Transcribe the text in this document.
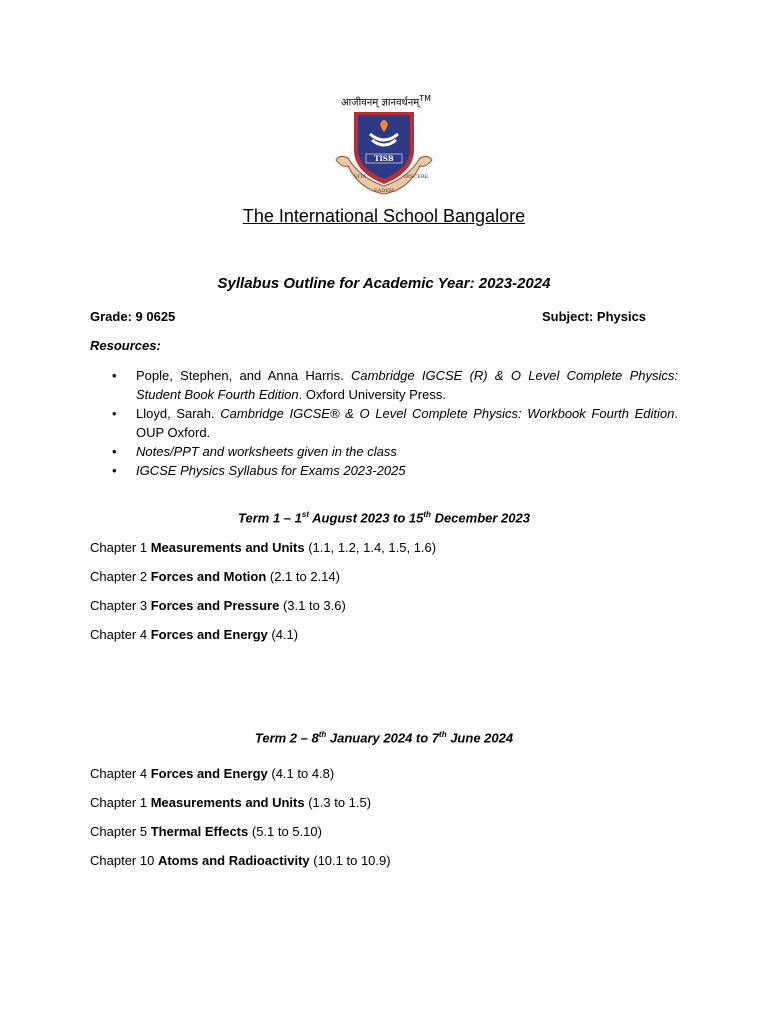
TISB
VITA
EADEM
DISCERE
आजीवनम् ज्ञानवर्धनम्™
The International School Bangalore
Syllabus Outline for Academic Year: 2023-2024
Grade: 9 0625	Subject: Physics
Resources:
• Pople, Stephen, and Anna Harris. Cambridge IGCSE (R) & O Level Complete Physics: Student Book Fourth Edition. Oxford University Press.
• Lloyd, Sarah. Cambridge IGCSE® & O Level Complete Physics: Workbook Fourth Edition. OUP Oxford.
• Notes/PPT and worksheets given in the class
• IGCSE Physics Syllabus for Exams 2023-2025
Term 1 – 1st August 2023 to 15th December 2023
Chapter 1 Measurements and Units (1.1, 1.2, 1.4, 1.5, 1.6)
Chapter 2 Forces and Motion (2.1 to 2.14)
Chapter 3 Forces and Pressure (3.1 to 3.6)
Chapter 4 Forces and Energy (4.1)
Term 2 – 8th January 2024 to 7th June 2024
Chapter 4 Forces and Energy (4.1 to 4.8)
Chapter 1 Measurements and Units (1.3 to 1.5)
Chapter 5 Thermal Effects (5.1 to 5.10)
Chapter 10 Atoms and Radioactivity (10.1 to 10.9)
